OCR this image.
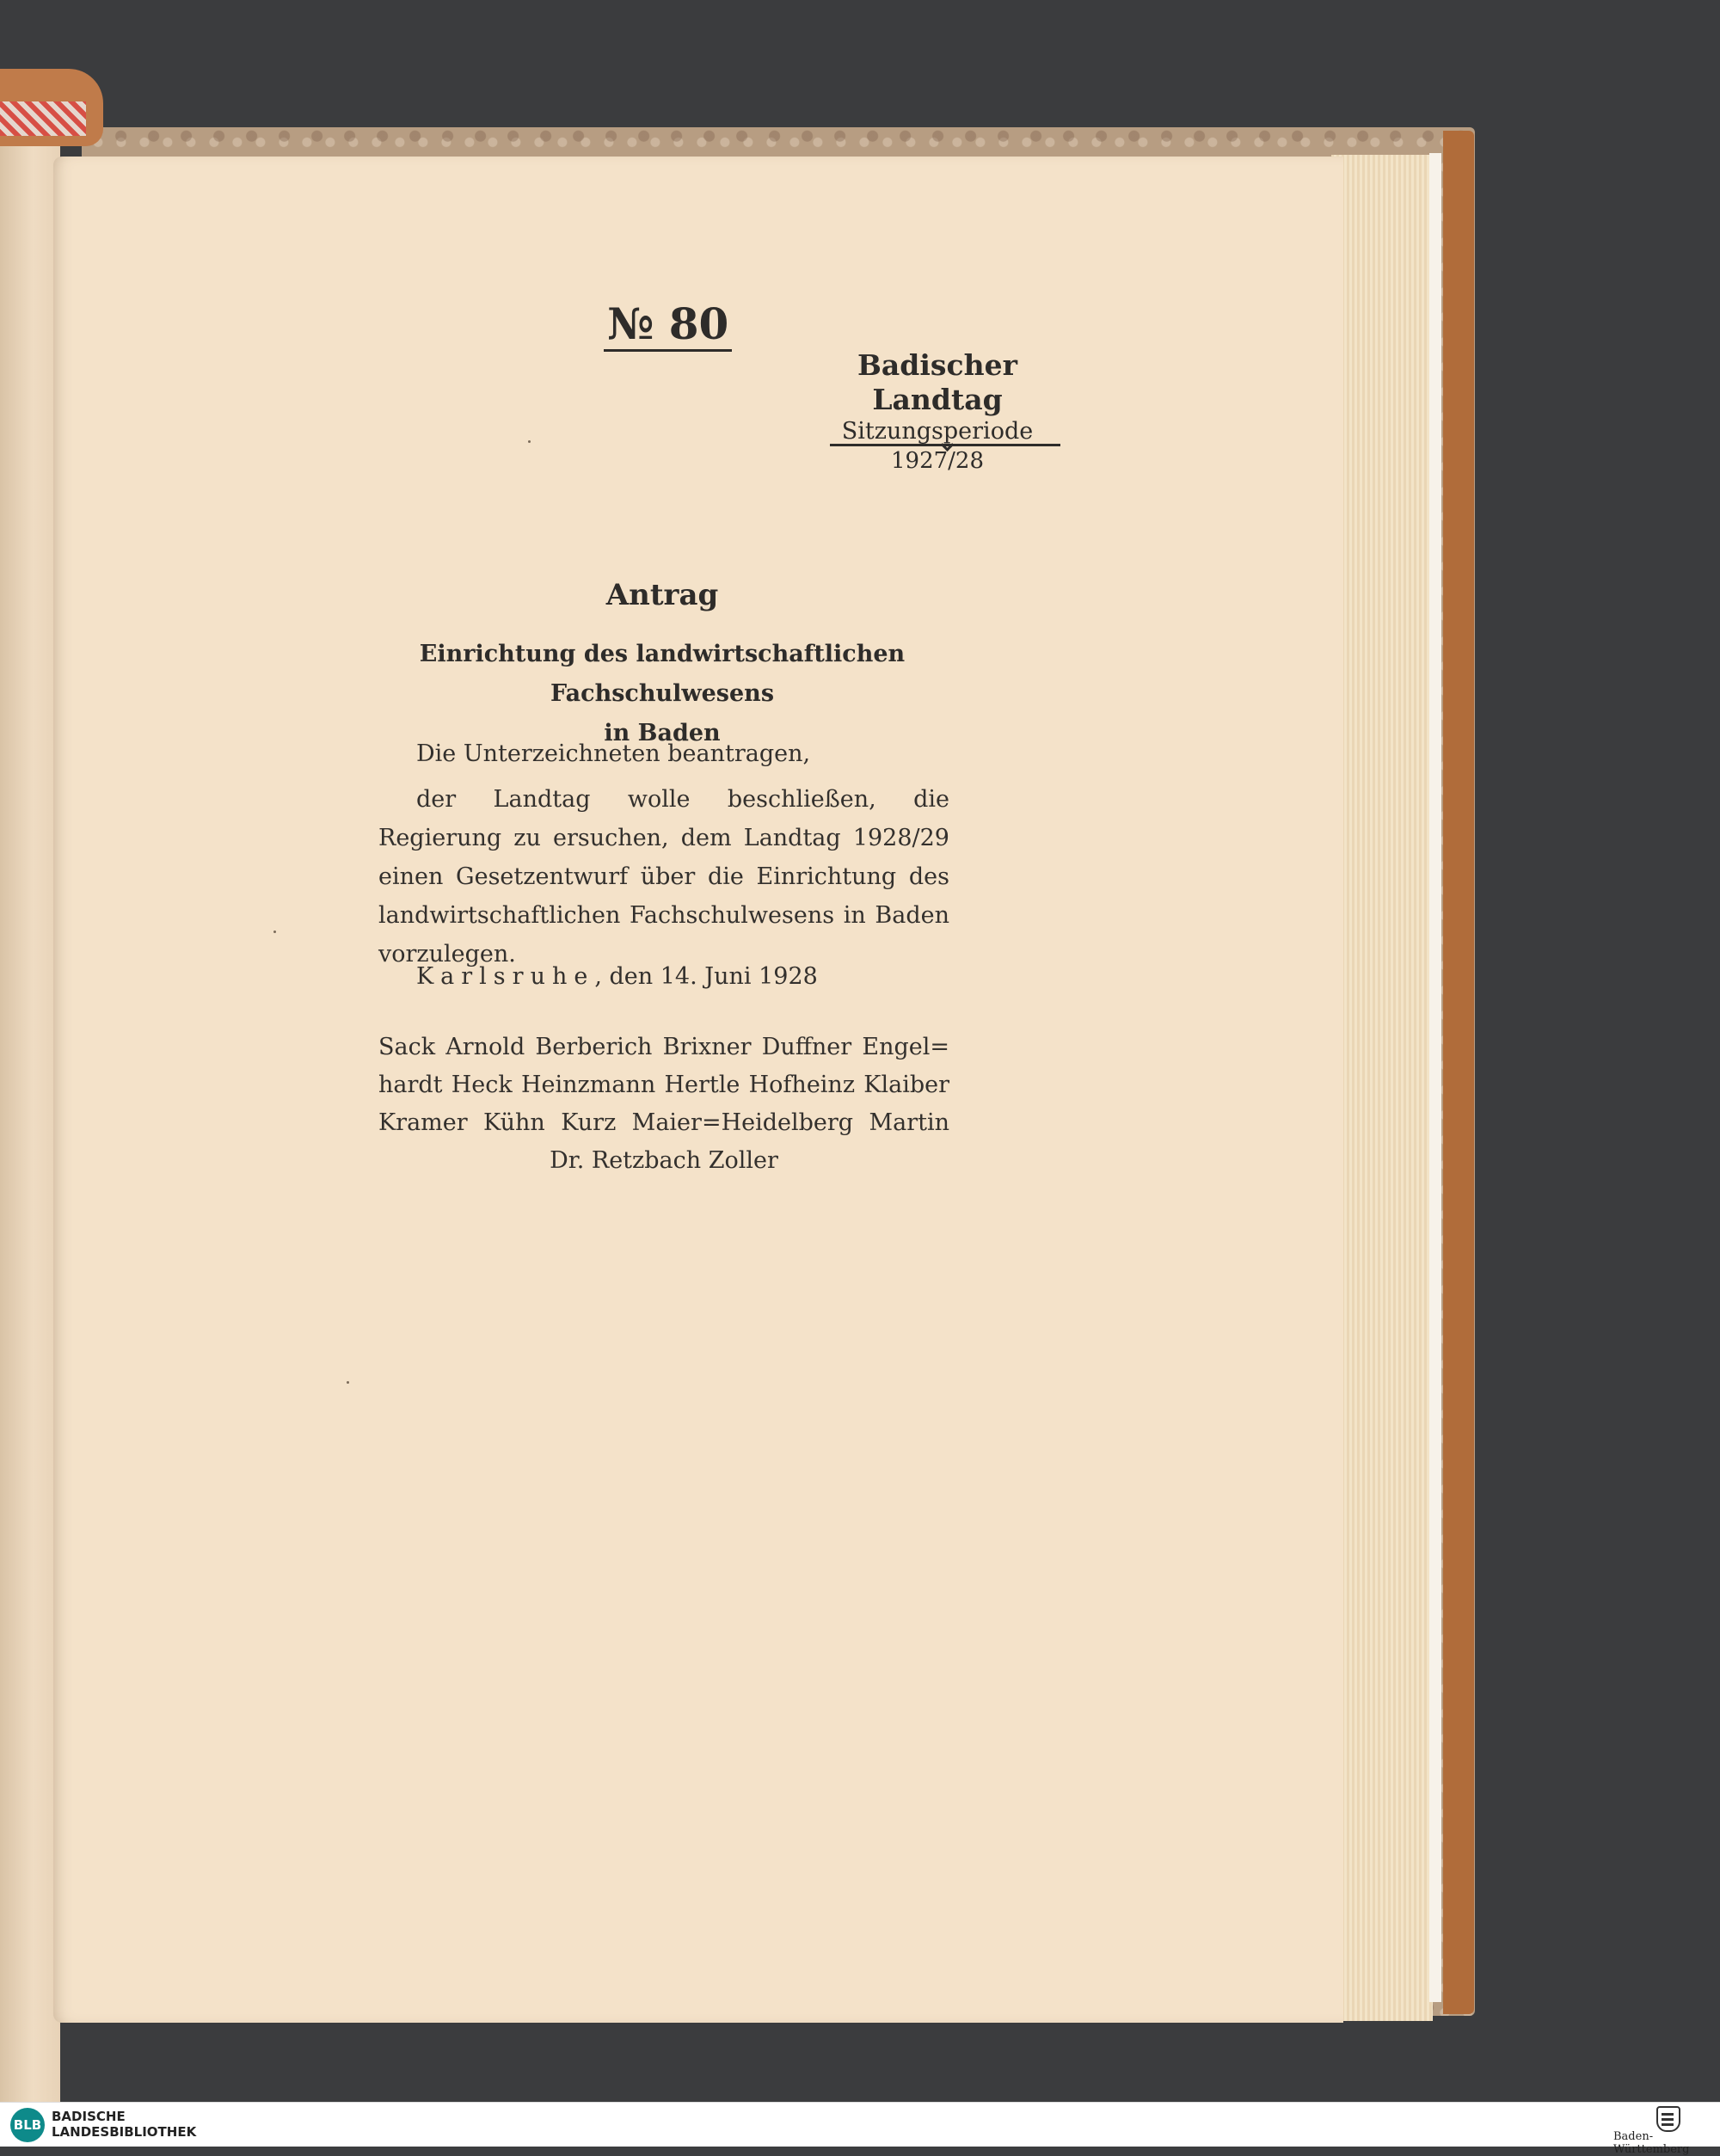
№ 80
Badischer Landtag
Sitzungsperiode
1927/28
Antrag
Einrichtung des landwirtschaftlichen Fachschulwesens
in Baden

Die Unterzeichneten beantragen,

der Landtag wolle beschließen, die Regierung zu ersuchen, dem Landtag 1928/29 einen Gesetzentwurf über die Einrichtung des landwirtschaftlichen Fachschulwesens in Baden vorzulegen.

Karlsruhe, den 14. Juni 1928

Sack Arnold Berberich Brixner Duffner Engel=

hardt Heck Heinzmann Hertle Hofheinz Klaiber

Kramer Kühn Kurz Maier=Heidelberg Martin

Dr. Retzbach Zoller

BLB
BADISCHE
LANDESBIBLIOTHEK	Baden-Württemberg
